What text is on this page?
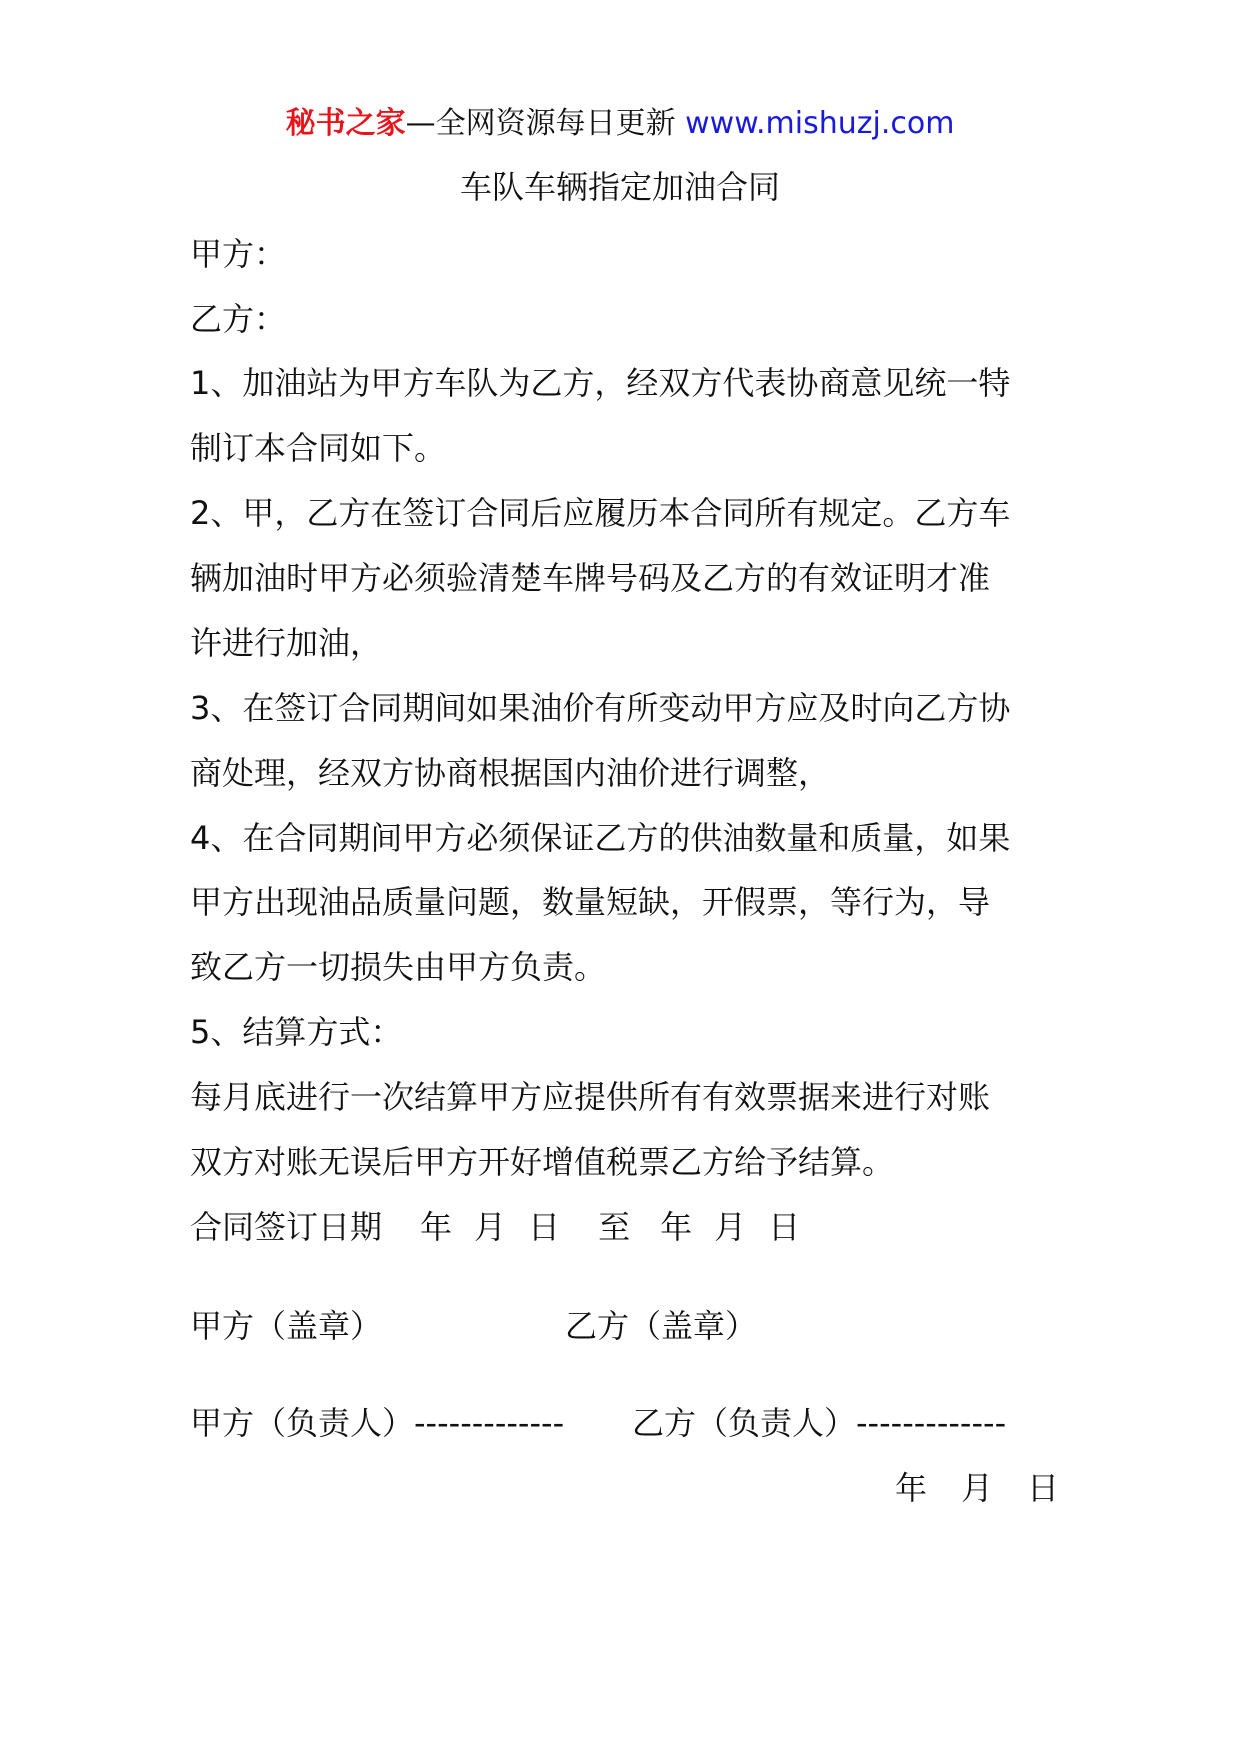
秘书之家—全网资源每日更新 www.mishuzj.com
车队车辆指定加油合同
甲方：
乙方：
1、加油站为甲方车队为乙方，经双方代表协商意见统一特
制订本合同如下。
2、甲，乙方在签订合同后应履历本合同所有规定。乙方车
辆加油时甲方必须验清楚车牌号码及乙方的有效证明才准
许进行加油，
3、在签订合同期间如果油价有所变动甲方应及时向乙方协
商处理，经双方协商根据国内油价进行调整，
4、在合同期间甲方必须保证乙方的供油数量和质量，如果
甲方出现油品质量问题，数量短缺，开假票，等行为，导
致乙方一切损失由甲方负责。
5、结算方式：
每月底进行一次结算甲方应提供所有有效票据来进行对账
双方对账无误后甲方开好增值税票乙方给予结算。
合同签订日期 年 月 日 至 年 月 日
甲方（盖章）	乙方（盖章）
甲方（负责人）------------- 乙方（负责人）-------------
年 月 日
